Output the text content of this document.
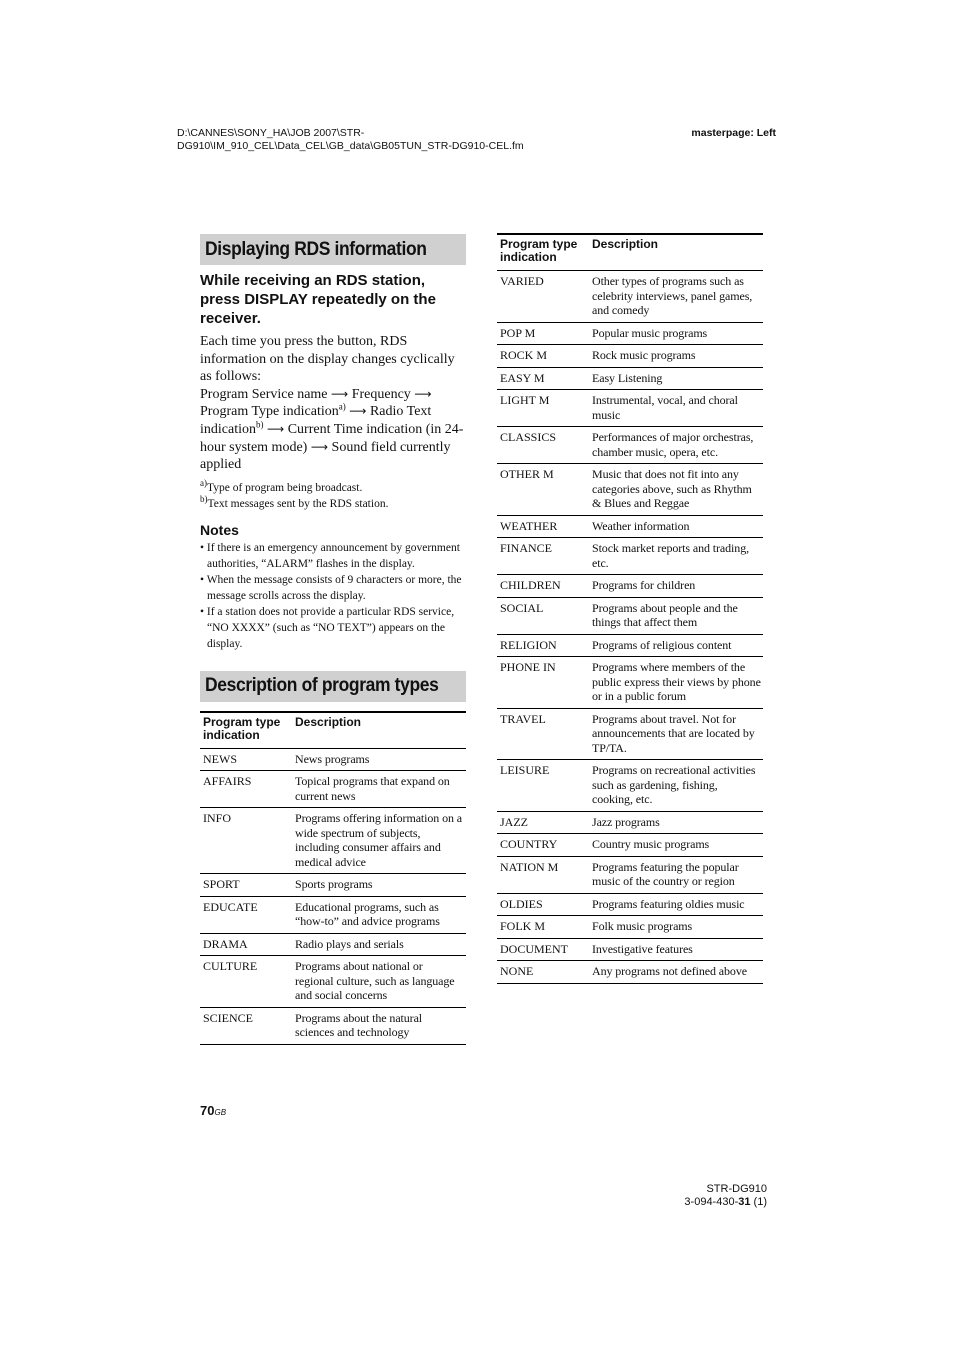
D:\CANNES\SONY_HA\JOB 2007\STR-
DG910\IM_910_CEL\Data_CEL\GB_data\GB05TUN_STR-DG910-CEL.fm
masterpage: Left
Displaying RDS information
While receiving an RDS station, press DISPLAY repeatedly on the receiver.
Each time you press the button, RDS information on the display changes cyclically as follows:
Program Service name ⟶ Frequency ⟶ Program Type indication$^{a)}$ ⟶ Radio Text indication$^{b)}$ ⟶ Current Time indication (in 24-hour system mode) ⟶ Sound field currently applied
$^{a)}$Type of program being broadcast.
$^{b)}$Text messages sent by the RDS station.
Notes
• If there is an emergency announcement by government authorities, “ALARM” flashes in the display.
• When the message consists of 9 characters or more, the message scrolls across the display.
• If a station does not provide a particular RDS service, “NO XXXX” (such as “NO TEXT”) appears on the display.
Description of program types
Program type indication	Description
NEWS	News programs
AFFAIRS	Topical programs that expand on current news
INFO	Programs offering information on a wide spectrum of subjects, including consumer affairs and medical advice
SPORT	Sports programs
EDUCATE	Educational programs, such as “how-to” and advice programs
DRAMA	Radio plays and serials
CULTURE	Programs about national or regional culture, such as language and social concerns
SCIENCE	Programs about the natural sciences and technology
Program type indication	Description
VARIED	Other types of programs such as celebrity interviews, panel games, and comedy
POP M	Popular music programs
ROCK M	Rock music programs
EASY M	Easy Listening
LIGHT M	Instrumental, vocal, and choral music
CLASSICS	Performances of major orchestras, chamber music, opera, etc.
OTHER M	Music that does not fit into any categories above, such as Rhythm & Blues and Reggae
WEATHER	Weather information
FINANCE	Stock market reports and trading, etc.
CHILDREN	Programs for children
SOCIAL	Programs about people and the things that affect them
RELIGION	Programs of religious content
PHONE IN	Programs where members of the public express their views by phone or in a public forum
TRAVEL	Programs about travel. Not for announcements that are located by TP/TA.
LEISURE	Programs on recreational activities such as gardening, fishing, cooking, etc.
JAZZ	Jazz programs
COUNTRY	Country music programs
NATION M	Programs featuring the popular music of the country or region
OLDIES	Programs featuring oldies music
FOLK M	Folk music programs
DOCUMENT	Investigative features
NONE	Any programs not defined above
70GB
STR-DG910
3-094-430-31 (1)
